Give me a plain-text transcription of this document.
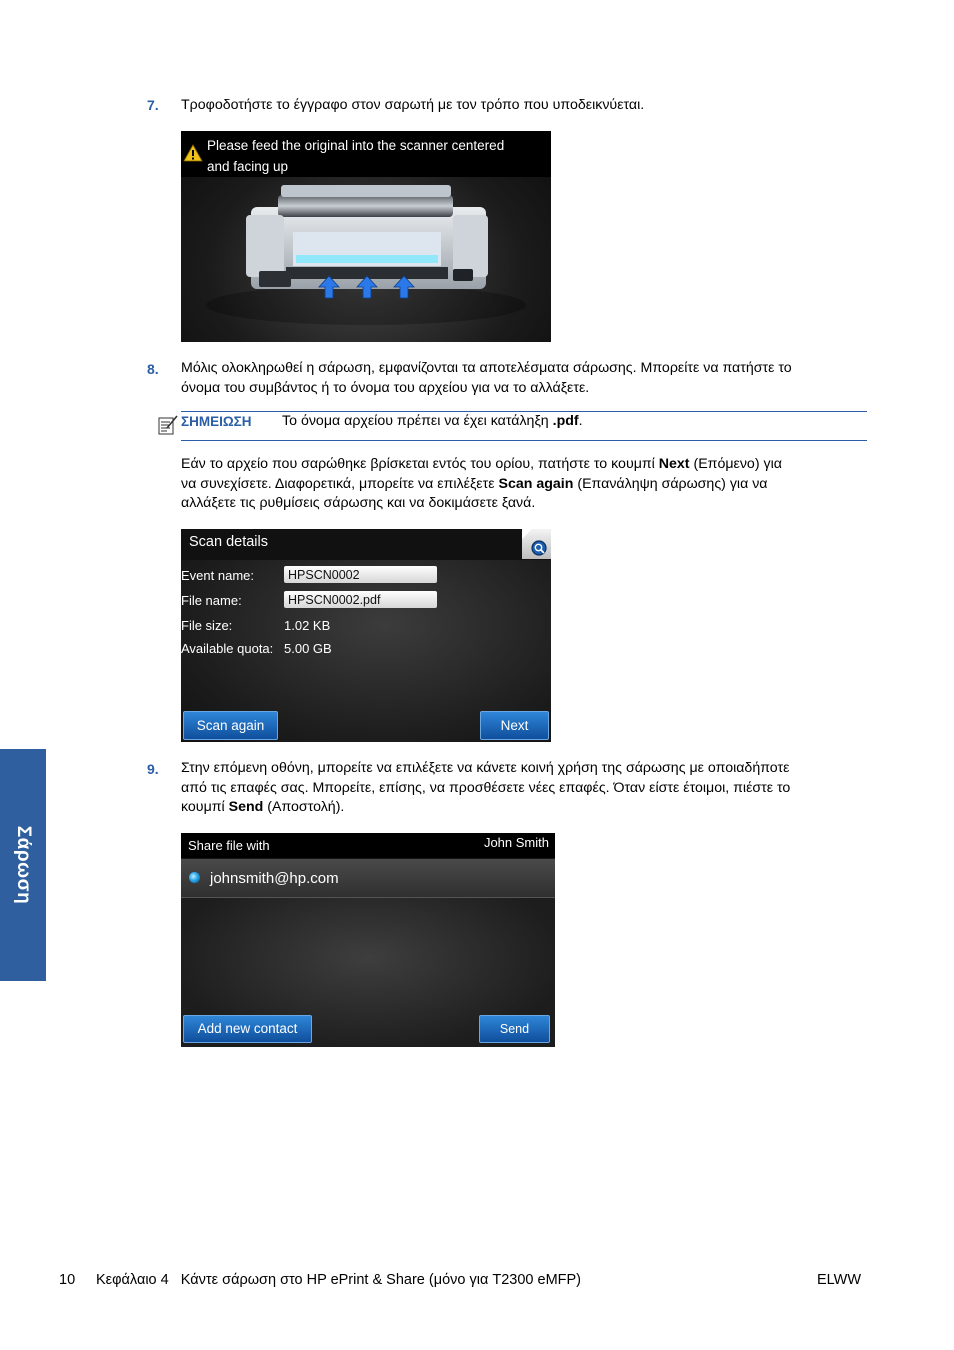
Σάρωση
7. Τροφοδοτήστε το έγγραφο στον σαρωτή με τον τρόπο που υποδεικνύεται.
Please feed the original into the scanner centered
and facing up
8. Μόλις ολοκληρωθεί η σάρωση, εμφανίζονται τα αποτελέσματα σάρωσης. Μπορείτε να πατήστε το
όνομα του συμβάντος ή το όνομα του αρχείου για να το αλλάξετε.
ΣΗΜΕΙΩΣΗ Το όνομα αρχείου πρέπει να έχει κατάληξη .pdf.
Εάν το αρχείο που σαρώθηκε βρίσκεται εντός του ορίου, πατήστε το κουμπί Next (Επόμενο) για
να συνεχίσετε. Διαφορετικά, μπορείτε να επιλέξετε Scan again (Επανάληψη σάρωσης) για να
αλλάξετε τις ρυθμίσεις σάρωσης και να δοκιμάσετε ξανά.
Scan details
Event name:	HPSCN0002
File name:	HPSCN0002.pdf
File size:	1.02 KB
Available quota: 5.00 GB
Scan again	Next
9. Στην επόμενη οθόνη, μπορείτε να επιλέξετε να κάνετε κοινή χρήση της σάρωσης με οποιαδήποτε
από τις επαφές σας. Μπορείτε, επίσης, να προσθέσετε νέες επαφές. Όταν είστε έτοιμοι, πιέστε το
κουμπί Send (Αποστολή).
Share file with	John Smith
johnsmith@hp.com
Add new contact	Send
10 Κεφάλαιο 4   Κάντε σάρωση στο HP ePrint & Share (μόνο για T2300 eMFP)	ELWW
